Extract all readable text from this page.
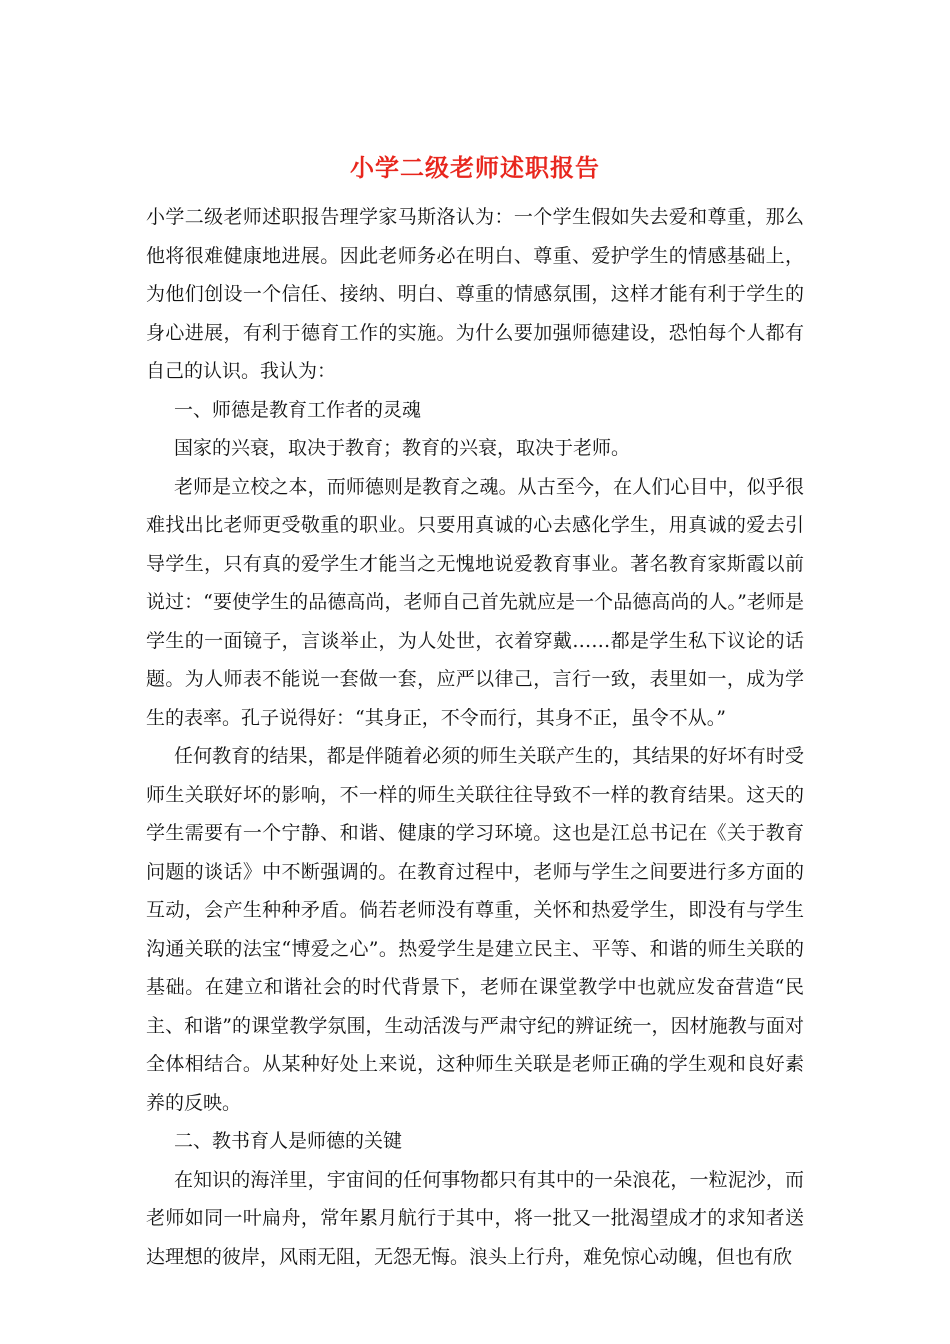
小学二级老师述职报告

小学二级老师述职报告理学家马斯洛认为：一个学生假如失去爱和尊重，那么他将很难健康地进展。因此老师务必在明白、尊重、爱护学生的情感基础上，为他们创设一个信任、接纳、明白、尊重的情感氛围，这样才能有利于学生的身心进展，有利于德育工作的实施。为什么要加强师德建设，恐怕每个人都有自己的认识。我认为：

一、师德是教育工作者的灵魂

国家的兴衰，取决于教育；教育的兴衰，取决于老师。

老师是立校之本，而师德则是教育之魂。从古至今，在人们心目中，似乎很难找出比老师更受敬重的职业。只要用真诚的心去感化学生，用真诚的爱去引导学生，只有真的爱学生才能当之无愧地说爱教育事业。著名教育家斯霞以前说过：“要使学生的品德高尚，老师自己首先就应是一个品德高尚的人。”老师是学生的一面镜子，言谈举止，为人处世，衣着穿戴……都是学生私下议论的话题。为人师表不能说一套做一套，应严以律己，言行一致，表里如一，成为学生的表率。孔子说得好：“其身正，不令而行，其身不正，虽令不从。”

任何教育的结果，都是伴随着必须的师生关联产生的，其结果的好坏有时受师生关联好坏的影响，不一样的师生关联往往导致不一样的教育结果。这天的学生需要有一个宁静、和谐、健康的学习环境。这也是江总书记在《关于教育问题的谈话》中不断强调的。在教育过程中，老师与学生之间要进行多方面的互动，会产生种种矛盾。倘若老师没有尊重，关怀和热爱学生，即没有与学生沟通关联的法宝“博爱之心”。热爱学生是建立民主、平等、和谐的师生关联的基础。在建立和谐社会的时代背景下，老师在课堂教学中也就应发奋营造“民主、和谐”的课堂教学氛围，生动活泼与严肃守纪的辨证统一，因材施教与面对全体相结合。从某种好处上来说，这种师生关联是老师正确的学生观和良好素养的反映。

二、教书育人是师德的关键

在知识的海洋里，宇宙间的任何事物都只有其中的一朵浪花，一粒泥沙，而老师如同一叶扁舟，常年累月航行于其中，将一批又一批渴望成才的求知者送达理想的彼岸，风雨无阻，无怨无悔。浪头上行舟，难免惊心动魄，但也有欣
